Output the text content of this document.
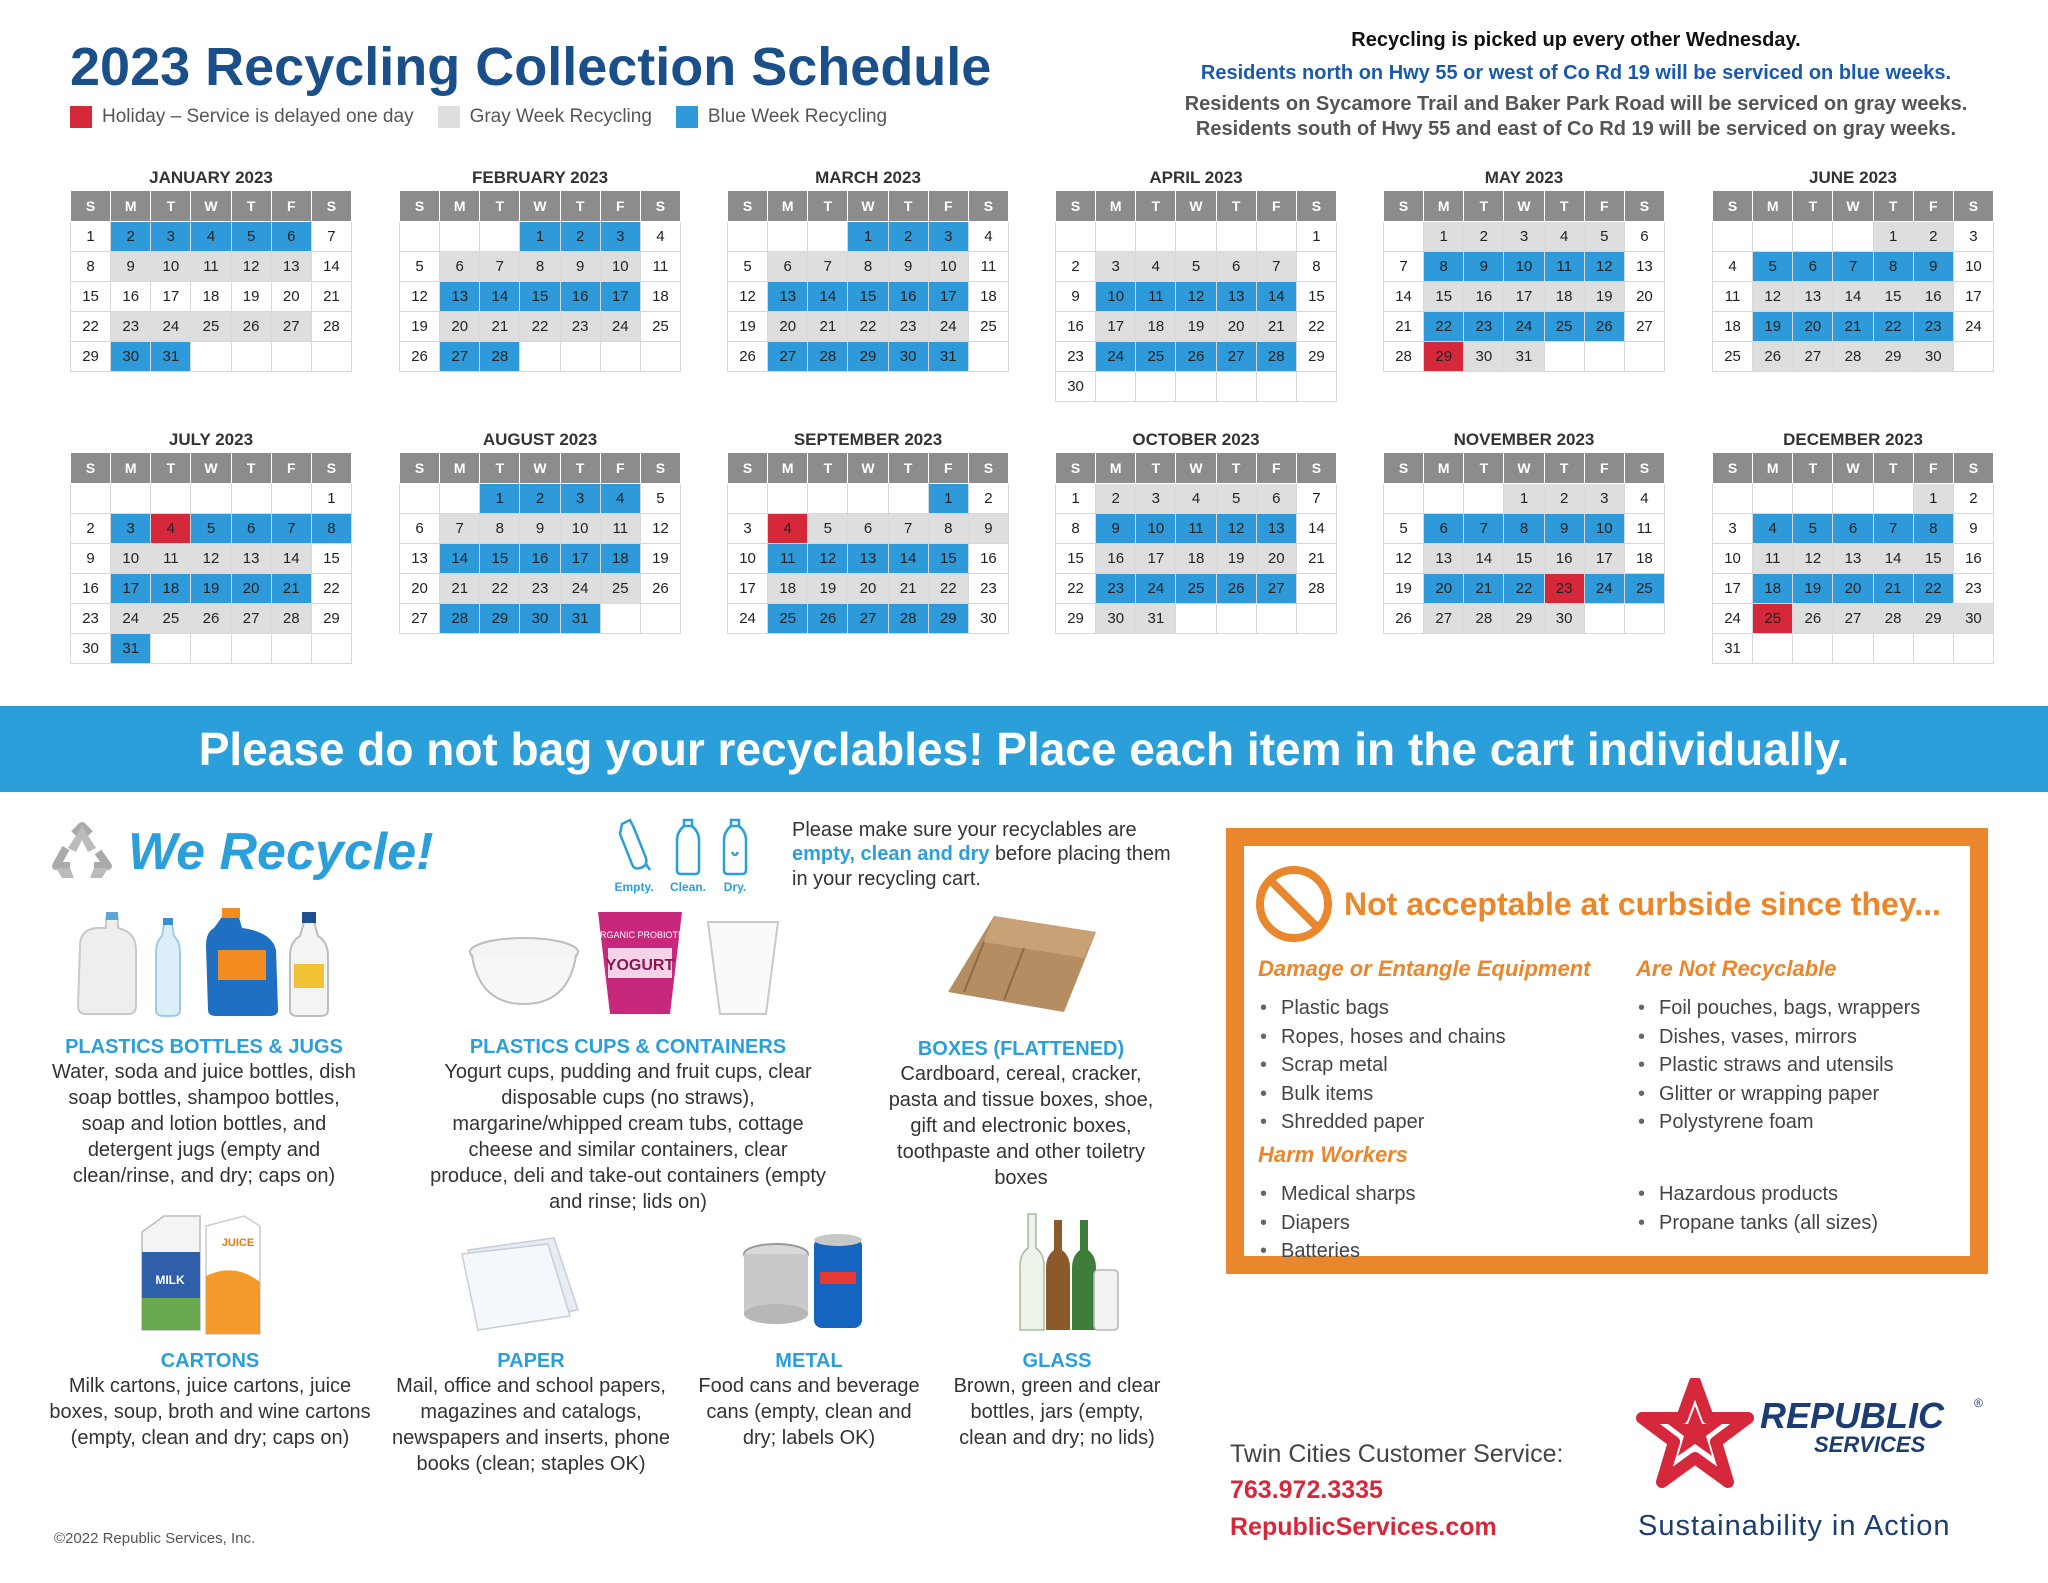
2023 Recycling Collection Schedule
Holiday – Service is delayed one day	Gray Week Recycling	Blue Week Recycling
Recycling is picked up every other Wednesday.
Residents north on Hwy 55 or west of Co Rd 19 will be serviced on blue weeks.
Residents on Sycamore Trail and Baker Park Road will be serviced on gray weeks.
Residents south of Hwy 55 and east of Co Rd 19 will be serviced on gray weeks.
JANUARY 2023
S	M	T	W	T	F	S
1	2	3	4	5	6	7
8	9	10	11	12	13	14
15	16	17	18	19	20	21
22	23	24	25	26	27	28
29	30	31				
FEBRUARY 2023
S	M	T	W	T	F	S
			1	2	3	4
5	6	7	8	9	10	11
12	13	14	15	16	17	18
19	20	21	22	23	24	25
26	27	28				
MARCH 2023
S	M	T	W	T	F	S
			1	2	3	4
5	6	7	8	9	10	11
12	13	14	15	16	17	18
19	20	21	22	23	24	25
26	27	28	29	30	31	
APRIL 2023
S	M	T	W	T	F	S
						1
2	3	4	5	6	7	8
9	10	11	12	13	14	15
16	17	18	19	20	21	22
23	24	25	26	27	28	29
30						
MAY 2023
S	M	T	W	T	F	S
	1	2	3	4	5	6
7	8	9	10	11	12	13
14	15	16	17	18	19	20
21	22	23	24	25	26	27
28	29	30	31			
JUNE 2023
S	M	T	W	T	F	S
				1	2	3
4	5	6	7	8	9	10
11	12	13	14	15	16	17
18	19	20	21	22	23	24
25	26	27	28	29	30	
JULY 2023
S	M	T	W	T	F	S
						1
2	3	4	5	6	7	8
9	10	11	12	13	14	15
16	17	18	19	20	21	22
23	24	25	26	27	28	29
30	31					
AUGUST 2023
S	M	T	W	T	F	S
		1	2	3	4	5
6	7	8	9	10	11	12
13	14	15	16	17	18	19
20	21	22	23	24	25	26
27	28	29	30	31		
SEPTEMBER 2023
S	M	T	W	T	F	S
					1	2
3	4	5	6	7	8	9
10	11	12	13	14	15	16
17	18	19	20	21	22	23
24	25	26	27	28	29	30
OCTOBER 2023
S	M	T	W	T	F	S
1	2	3	4	5	6	7
8	9	10	11	12	13	14
15	16	17	18	19	20	21
22	23	24	25	26	27	28
29	30	31				
NOVEMBER 2023
S	M	T	W	T	F	S
			1	2	3	4
5	6	7	8	9	10	11
12	13	14	15	16	17	18
19	20	21	22	23	24	25
26	27	28	29	30		
DECEMBER 2023
S	M	T	W	T	F	S
					1	2
3	4	5	6	7	8	9
10	11	12	13	14	15	16
17	18	19	20	21	22	23
24	25	26	27	28	29	30
31						
Please do not bag your recyclables! Place each item in the cart individually.
We Recycle!
Empty. Clean. Dry.
Please make sure your recyclables are empty, clean and dry before placing them in your recycling cart.
YOGURT
ORGANIC PROBIOTIC
MILK
JUICE
PLASTICS BOTTLES & JUGS
Water, soda and juice bottles, dish soap bottles, shampoo bottles, soap and lotion bottles, and detergent jugs (empty and clean/rinse, and dry; caps on)
PLASTICS CUPS & CONTAINERS
Yogurt cups, pudding and fruit cups, clear disposable cups (no straws), margarine/whipped cream tubs, cottage cheese and similar containers, clear produce, deli and take-out containers (empty and rinse; lids on)
BOXES (FLATTENED)
Cardboard, cereal, cracker, pasta and tissue boxes, shoe, gift and electronic boxes, toothpaste and other toiletry boxes
CARTONS
Milk cartons, juice cartons, juice boxes, soup, broth and wine cartons (empty, clean and dry; caps on)
PAPER
Mail, office and school papers, magazines and catalogs, newspapers and inserts, phone books (clean; staples OK)
METAL
Food cans and beverage cans (empty, clean and dry; labels OK)
GLASS
Brown, green and clear bottles, jars (empty, clean and dry; no lids)
Not acceptable at curbside since they...
Damage or Entangle Equipment
• Plastic bags
• Ropes, hoses and chains
• Scrap metal
• Bulk items
• Shredded paper
Are Not Recyclable
• Foil pouches, bags, wrappers
• Dishes, vases, mirrors
• Plastic straws and utensils
• Glitter or wrapping paper
• Polystyrene foam
Harm Workers
• Medical sharps
• Diapers
• Batteries
• Hazardous products
• Propane tanks (all sizes)
Twin Cities Customer Service:
763.972.3335
RepublicServices.com
REPUBLIC ®
SERVICES
Sustainability in Action
©2022 Republic Services, Inc.
